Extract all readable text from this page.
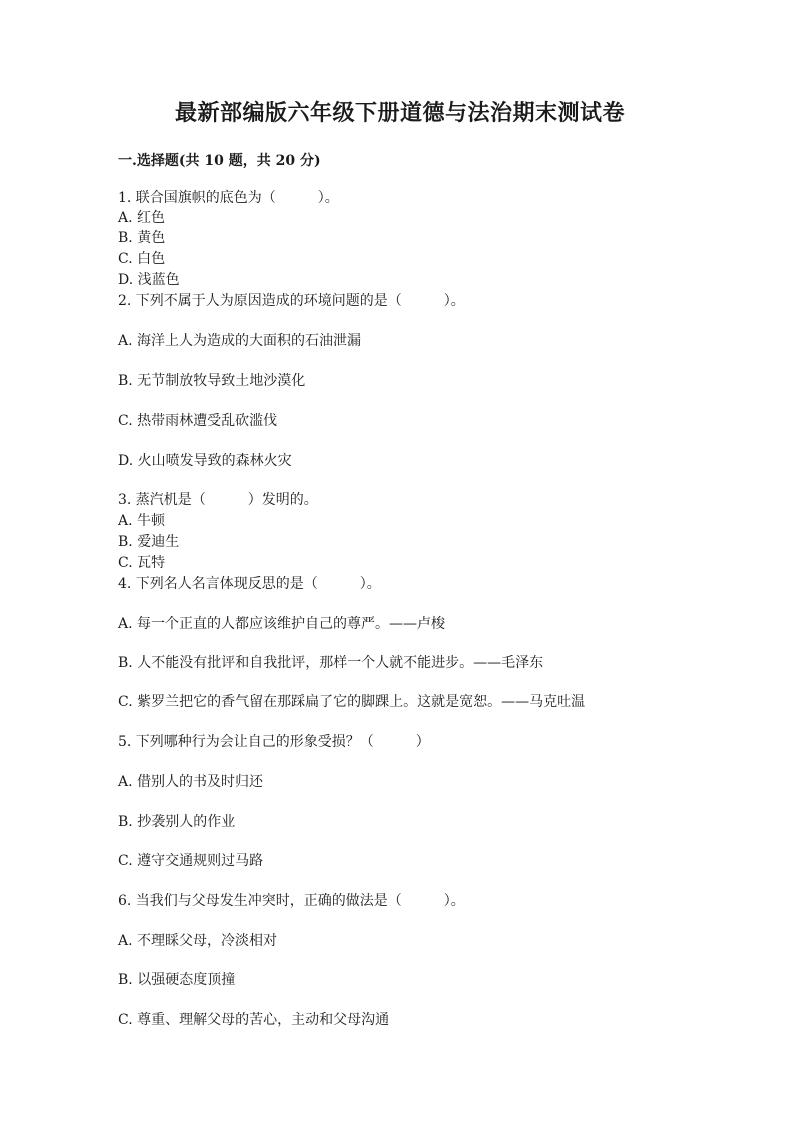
最新部编版六年级下册道德与法治期末测试卷
一.选择题(共 10 题，共 20 分)
1. 联合国旗帜的底色为（　　　）。
A. 红色
B. 黄色
C. 白色
D. 浅蓝色
2. 下列不属于人为原因造成的环境问题的是（　　　）。
A. 海洋上人为造成的大面积的石油泄漏
B. 无节制放牧导致土地沙漠化
C. 热带雨林遭受乱砍滥伐
D. 火山喷发导致的森林火灾
3. 蒸汽机是（　　　）发明的。
A. 牛顿
B. 爱迪生
C. 瓦特
4. 下列名人名言体现反思的是（　　　）。
A. 每一个正直的人都应该维护自己的尊严。——卢梭
B. 人不能没有批评和自我批评，那样一个人就不能进步。——毛泽东
C. 紫罗兰把它的香气留在那踩扁了它的脚踝上。这就是宽恕。——马克吐温
5. 下列哪种行为会让自己的形象受损？（　　　）
A. 借别人的书及时归还
B. 抄袭别人的作业
C. 遵守交通规则过马路
6. 当我们与父母发生冲突时，正确的做法是（　　　）。
A. 不理睬父母，冷淡相对
B. 以强硬态度顶撞
C. 尊重、理解父母的苦心，主动和父母沟通
